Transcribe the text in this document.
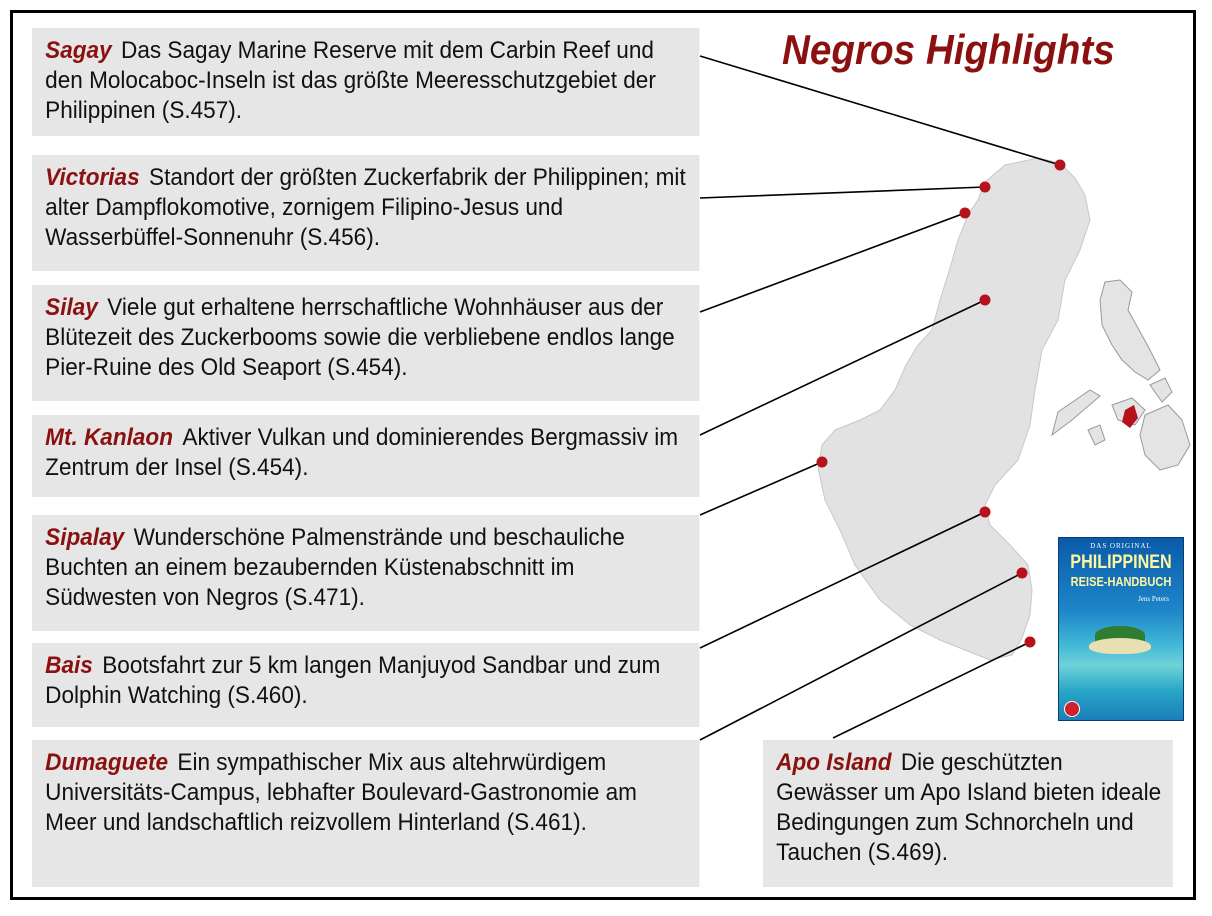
Negros Highlights
Sagay Das Sagay Marine Reserve mit dem Carbin Reef und den Molocaboc-Inseln ist das größte Meeresschutzgebiet der Philippinen (S.457).
Victorias Standort der größten Zuckerfabrik der Philippinen; mit alter Dampflokomotive, zornigem Filipino-Jesus und Wasserbüffel-Sonnenuhr (S.456).
Silay Viele gut erhaltene herrschaftliche Wohnhäuser aus der Blütezeit des Zuckerbooms sowie die verbliebene endlos lange Pier-Ruine des Old Seaport (S.454).
Mt. Kanlaon Aktiver Vulkan und dominierendes Bergmassiv im Zentrum der Insel (S.454).
Sipalay Wunderschöne Palmenstrände und beschauliche Buchten an einem bezaubernden Küstenabschnitt im Südwesten von Negros (S.471).
Bais Bootsfahrt zur 5 km langen Manjuyod Sandbar und zum Dolphin Watching (S.460).
Dumaguete Ein sympathischer Mix aus altehrwürdigem Universitäts-Campus, lebhafter Boulevard-Gastronomie am Meer und landschaftlich reizvollem Hinterland (S.461).
Apo Island Die geschützten Gewässer um Apo Island bieten ideale Bedingungen zum Schnorcheln und Tauchen (S.469).
DAS ORIGINAL
PHILIPPINEN
REISE-HANDBUCH
Jens Peters
